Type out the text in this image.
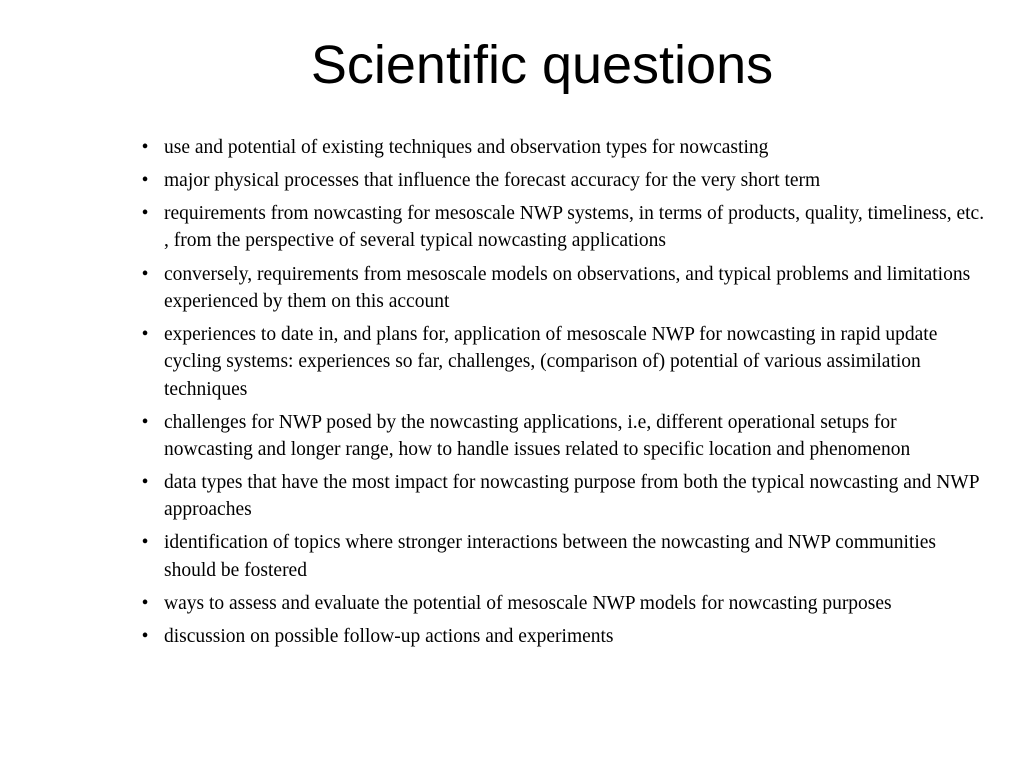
Scientific questions
• use and potential of existing techniques and observation types for nowcasting
• major physical processes that influence the forecast accuracy for the very short term
• requirements from nowcasting for mesoscale NWP systems, in terms of products, quality, timeliness, etc. , from the perspective of several typical nowcasting applications
• conversely, requirements from mesoscale models on observations, and typical problems and limitations experienced by them on this account
• experiences to date in, and plans for, application of mesoscale NWP for nowcasting in rapid update cycling systems: experiences so far, challenges, (comparison of) potential of various assimilation techniques
• challenges for NWP posed by the nowcasting applications, i.e, different operational setups for nowcasting and longer range, how to handle issues related to specific location and phenomenon
• data types that have the most impact for nowcasting purpose from both the typical nowcasting and NWP approaches
• identification of topics where stronger interactions between the nowcasting and NWP communities should be fostered
• ways to assess and evaluate the potential of mesoscale NWP models for nowcasting purposes
• discussion on possible follow-up actions and experiments
